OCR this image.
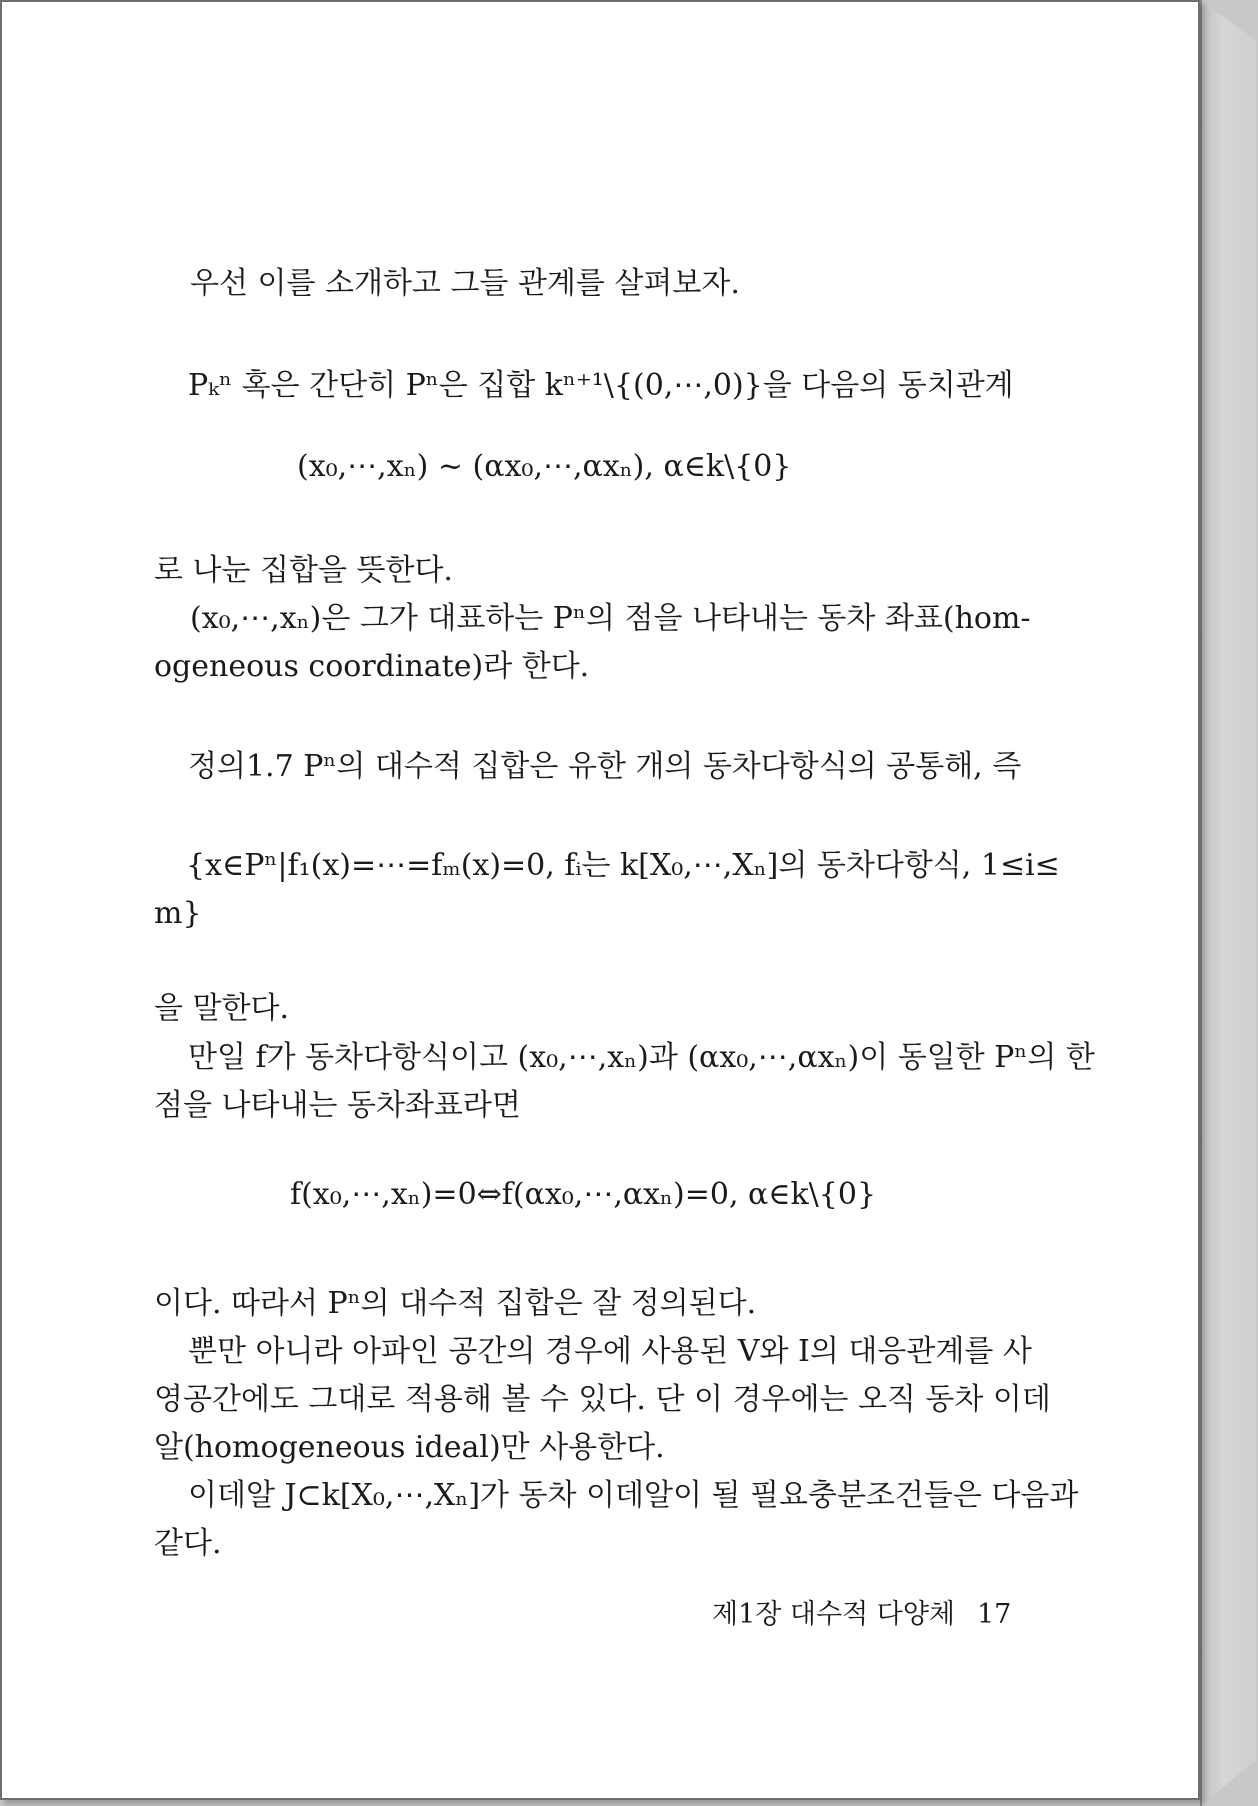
우선 이를 소개하고 그들 관계를 살펴보자.

Pₖⁿ 혹은 간단히 Pⁿ은 집합 kⁿ⁺¹\{(0,⋯,0)}을 다음의 동치관계

(x₀,⋯,xₙ) ~ (αx₀,⋯,αxₙ), α∈k\{0}

로 나눈 집합을 뜻한다.

(x₀,⋯,xₙ)은 그가 대표하는 Pⁿ의 점을 나타내는 동차 좌표(hom-

ogeneous coordinate)라 한다.

정의1.7 Pⁿ의 대수적 집합은 유한 개의 동차다항식의 공통해, 즉

{x∈Pⁿ|f₁(x)=⋯=fₘ(x)=0, fᵢ는 k[X₀,⋯,Xₙ]의 동차다항식, 1≤i≤

m}

을 말한다.

만일 f가 동차다항식이고 (x₀,⋯,xₙ)과 (αx₀,⋯,αxₙ)이 동일한 Pⁿ의 한

점을 나타내는 동차좌표라면

f(x₀,⋯,xₙ)=0⇔f(αx₀,⋯,αxₙ)=0, α∈k\{0}

이다. 따라서 Pⁿ의 대수적 집합은 잘 정의된다.

뿐만 아니라 아파인 공간의 경우에 사용된 V와 I의 대응관계를 사

영공간에도 그대로 적용해 볼 수 있다. 단 이 경우에는 오직 동차 이데

알(homogeneous ideal)만 사용한다.

이데알 J⊂k[X₀,⋯,Xₙ]가 동차 이데알이 될 필요충분조건들은 다음과

같다.

제1장 대수적 다양체 17
